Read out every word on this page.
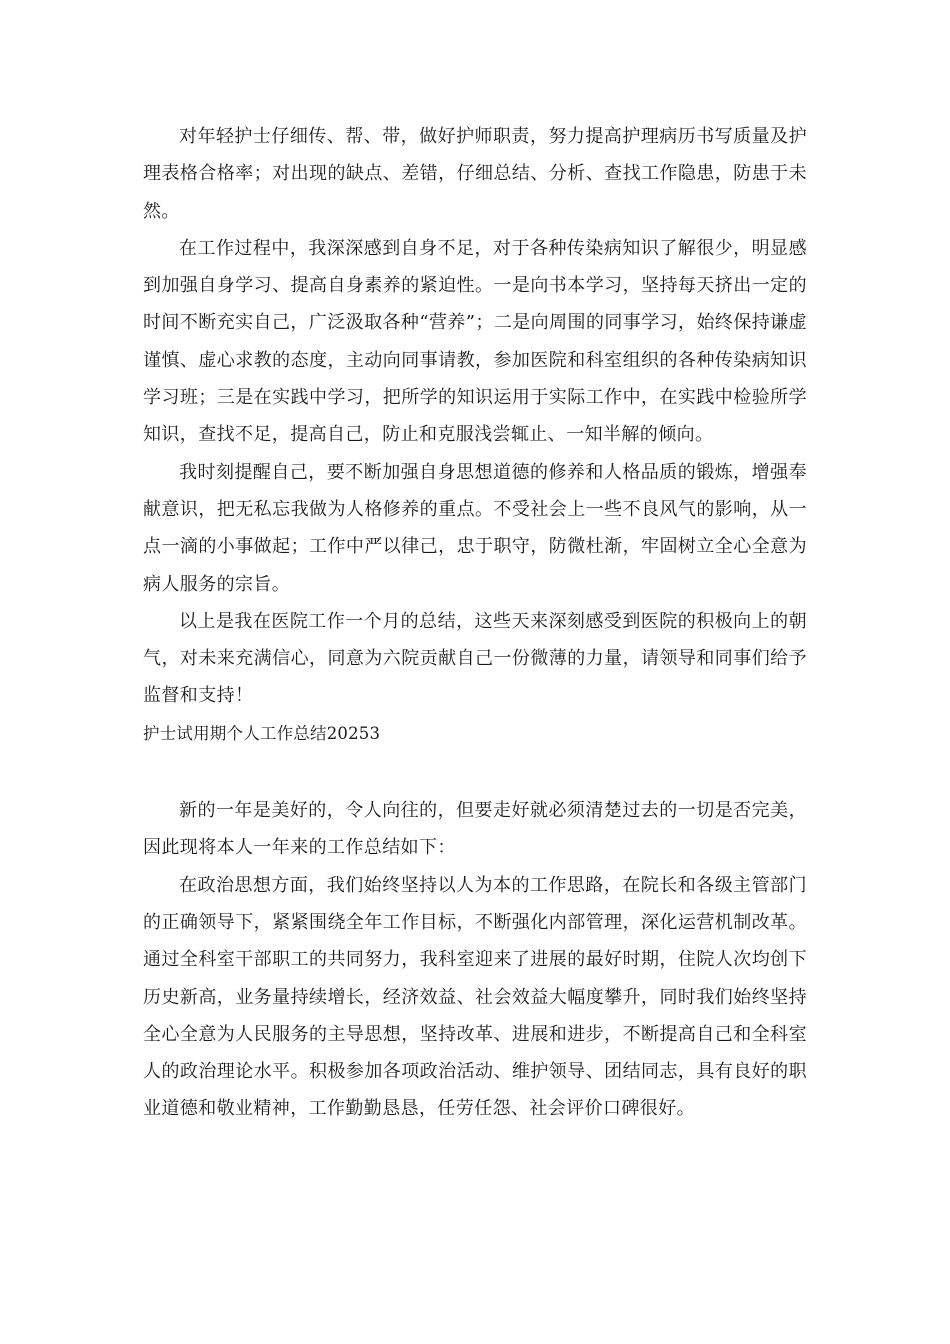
对年轻护士仔细传、帮、带，做好护师职责，努力提高护理病历书写质量及护理表格合格率；对出现的缺点、差错，仔细总结、分析、查找工作隐患，防患于未然。

在工作过程中，我深深感到自身不足，对于各种传染病知识了解很少，明显感到加强自身学习、提高自身素养的紧迫性。一是向书本学习，坚持每天挤出一定的时间不断充实自己，广泛汲取各种“营养”；二是向周围的同事学习，始终保持谦虚谨慎、虚心求教的态度，主动向同事请教，参加医院和科室组织的各种传染病知识学习班；三是在实践中学习，把所学的知识运用于实际工作中，在实践中检验所学知识，查找不足，提高自己，防止和克服浅尝辄止、一知半解的倾向。

我时刻提醒自己，要不断加强自身思想道德的修养和人格品质的锻炼，增强奉献意识，把无私忘我做为人格修养的重点。不受社会上一些不良风气的影响，从一点一滴的小事做起；工作中严以律己，忠于职守，防微杜渐，牢固树立全心全意为病人服务的宗旨。

以上是我在医院工作一个月的总结，这些天来深刻感受到医院的积极向上的朝气，对未来充满信心，同意为六院贡献自己一份微薄的力量，请领导和同事们给予监督和支持！

护士试用期个人工作总结20253

新的一年是美好的，令人向往的，但要走好就必须清楚过去的一切是否完美，因此现将本人一年来的工作总结如下：

在政治思想方面，我们始终坚持以人为本的工作思路，在院长和各级主管部门的正确领导下，紧紧围绕全年工作目标，不断强化内部管理，深化运营机制改革。通过全科室干部职工的共同努力，我科室迎来了进展的最好时期，住院人次均创下历史新高，业务量持续增长，经济效益、社会效益大幅度攀升，同时我们始终坚持全心全意为人民服务的主导思想，坚持改革、进展和进步，不断提高自己和全科室人的政治理论水平。积极参加各项政治活动、维护领导、团结同志，具有良好的职业道德和敬业精神，工作勤勤恳恳，任劳任怨、社会评价口碑很好。
